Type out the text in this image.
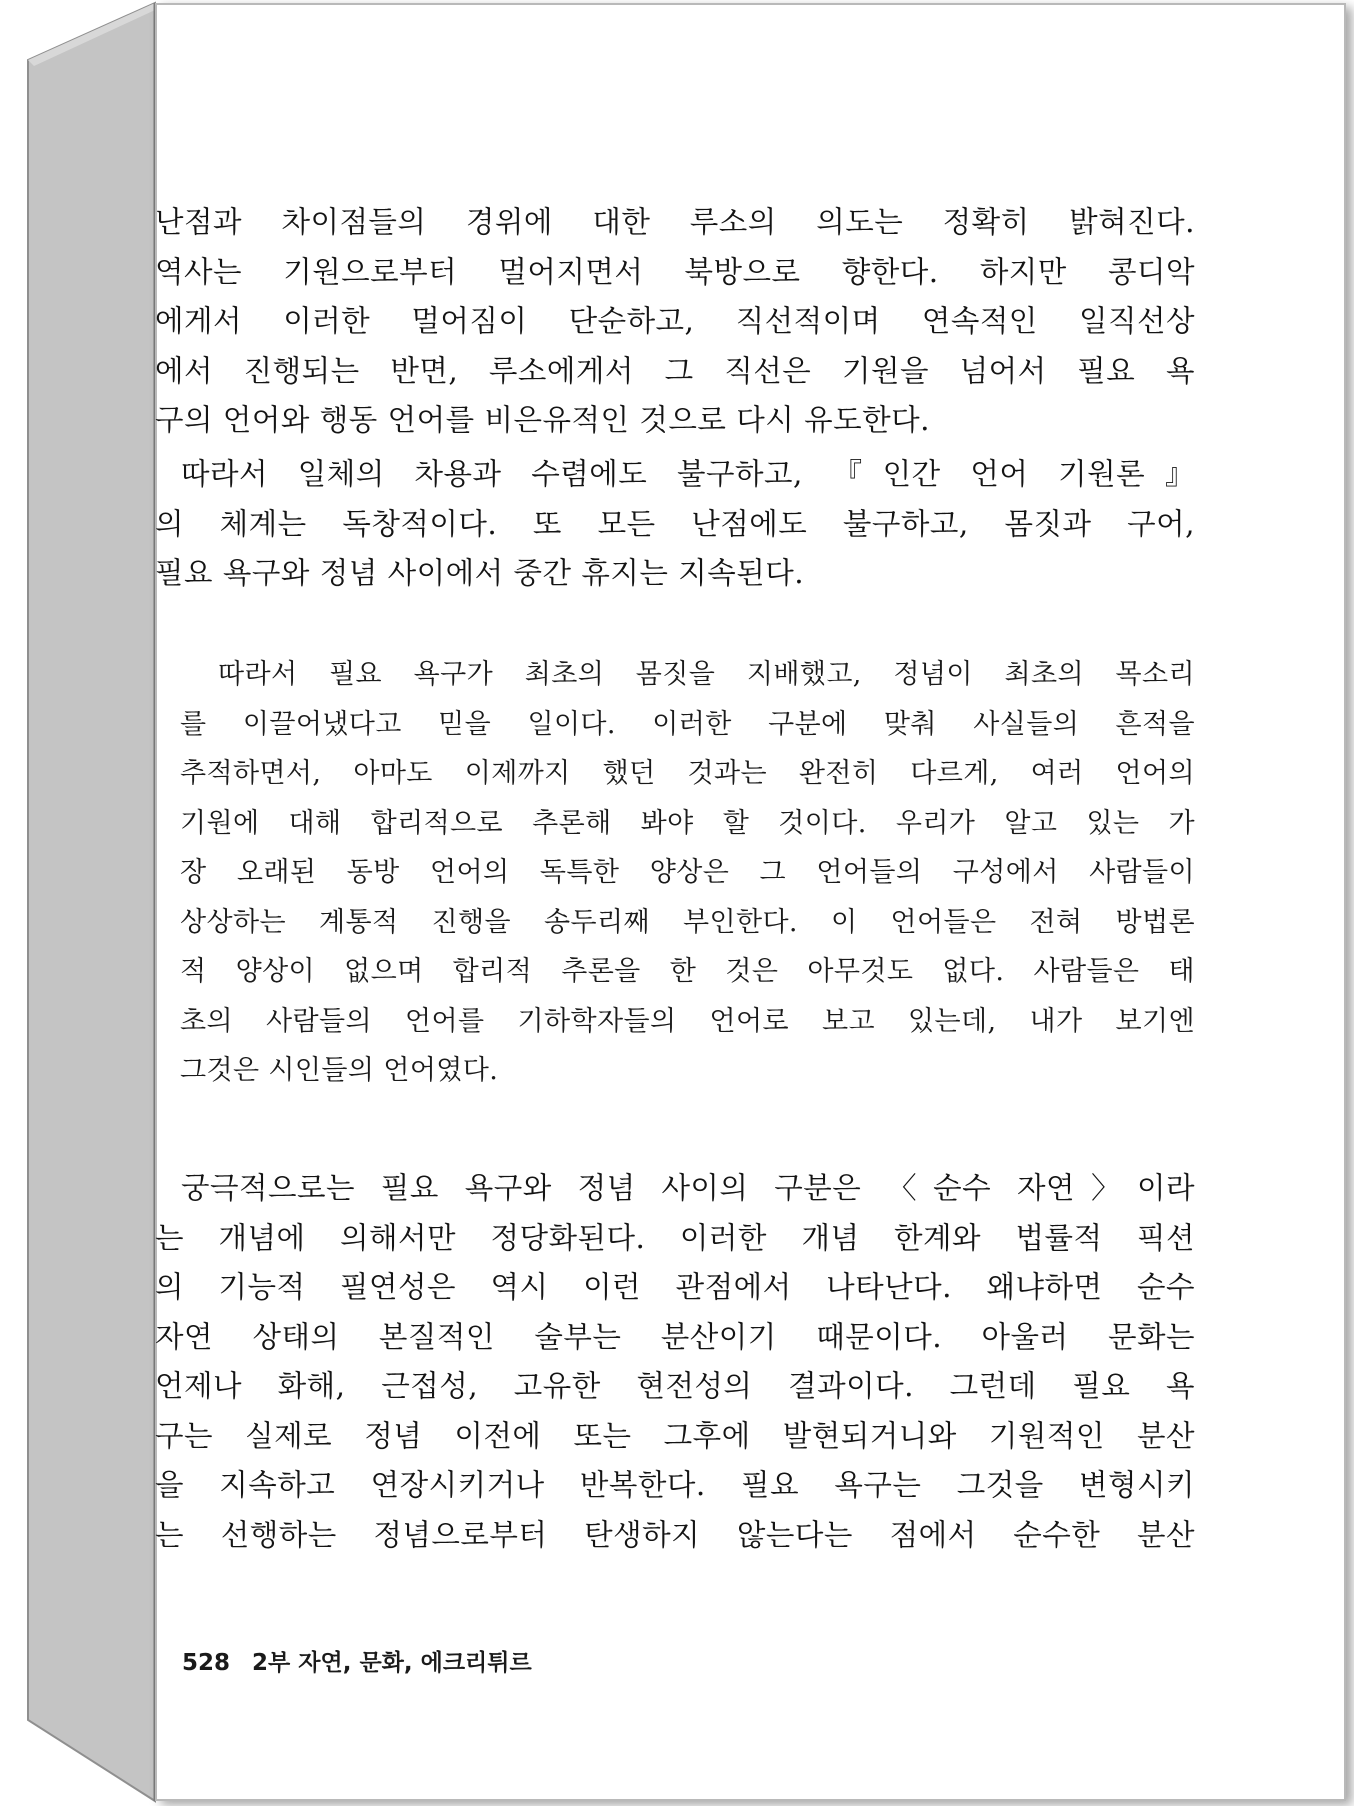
난점과 차이점들의 경위에 대한 루소의 의도는 정확히 밝혀진다.
역사는 기원으로부터 멀어지면서 북방으로 향한다. 하지만 콩디악
에게서 이러한 멀어짐이 단순하고, 직선적이며 연속적인 일직선상
에서 진행되는 반면, 루소에게서 그 직선은 기원을 넘어서 필요 욕
구의 언어와 행동 언어를 비은유적인 것으로 다시 유도한다.

따라서 일체의 차용과 수렴에도 불구하고, 『인간 언어 기원론』
의 체계는 독창적이다. 또 모든 난점에도 불구하고, 몸짓과 구어,
필요 욕구와 정념 사이에서 중간 휴지는 지속된다.

따라서 필요 욕구가 최초의 몸짓을 지배했고, 정념이 최초의 목소리
를 이끌어냈다고 믿을 일이다. 이러한 구분에 맞춰 사실들의 흔적을
추적하면서, 아마도 이제까지 했던 것과는 완전히 다르게, 여러 언어의
기원에 대해 합리적으로 추론해 봐야 할 것이다. 우리가 알고 있는 가
장 오래된 동방 언어의 독특한 양상은 그 언어들의 구성에서 사람들이
상상하는 계통적 진행을 송두리째 부인한다. 이 언어들은 전혀 방법론
적 양상이 없으며 합리적 추론을 한 것은 아무것도 없다. 사람들은 태
초의 사람들의 언어를 기하학자들의 언어로 보고 있는데, 내가 보기엔
그것은 시인들의 언어였다.

궁극적으로는 필요 욕구와 정념 사이의 구분은 〈순수 자연〉이라
는 개념에 의해서만 정당화된다. 이러한 개념 한계와 법률적 픽션
의 기능적 필연성은 역시 이런 관점에서 나타난다. 왜냐하면 순수
자연 상태의 본질적인 술부는 분산이기 때문이다. 아울러 문화는
언제나 화해, 근접성, 고유한 현전성의 결과이다. 그런데 필요 욕
구는 실제로 정념 이전에 또는 그후에 발현되거니와 기원적인 분산
을 지속하고 연장시키거나 반복한다. 필요 욕구는 그것을 변형시키
는 선행하는 정념으로부터 탄생하지 않는다는 점에서 순수한 분산

528 2부 자연, 문화, 에크리튀르
